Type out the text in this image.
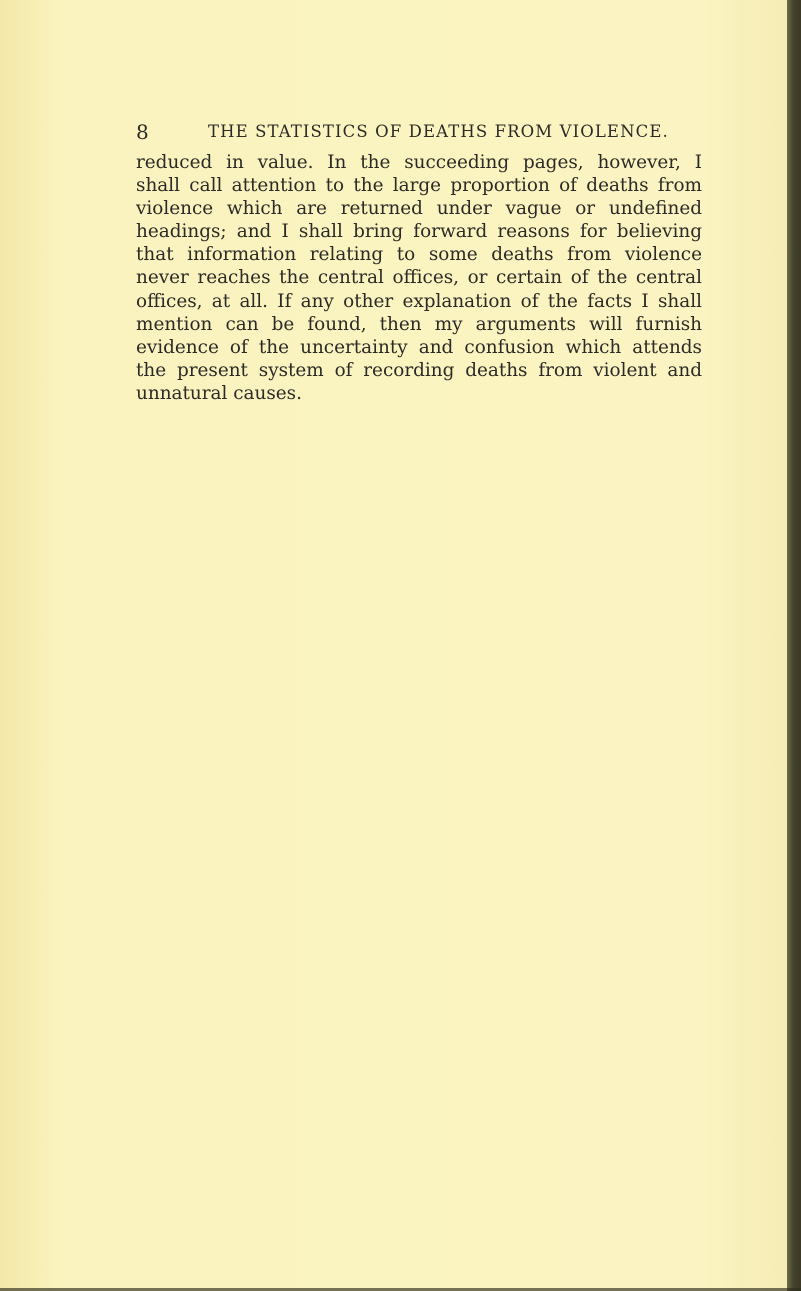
8	THE STATISTICS OF DEATHS FROM VIOLENCE.
reduced in value. In the succeeding pages, however, I
shall call attention to the large proportion of deaths from
violence which are returned under vague or undefined
headings; and I shall bring forward reasons for believing
that information relating to some deaths from violence
never reaches the central offices, or certain of the central
offices, at all. If any other explanation of the facts I shall
mention can be found, then my arguments will furnish
evidence of the uncertainty and confusion which attends
the present system of recording deaths from violent and
unnatural causes.
